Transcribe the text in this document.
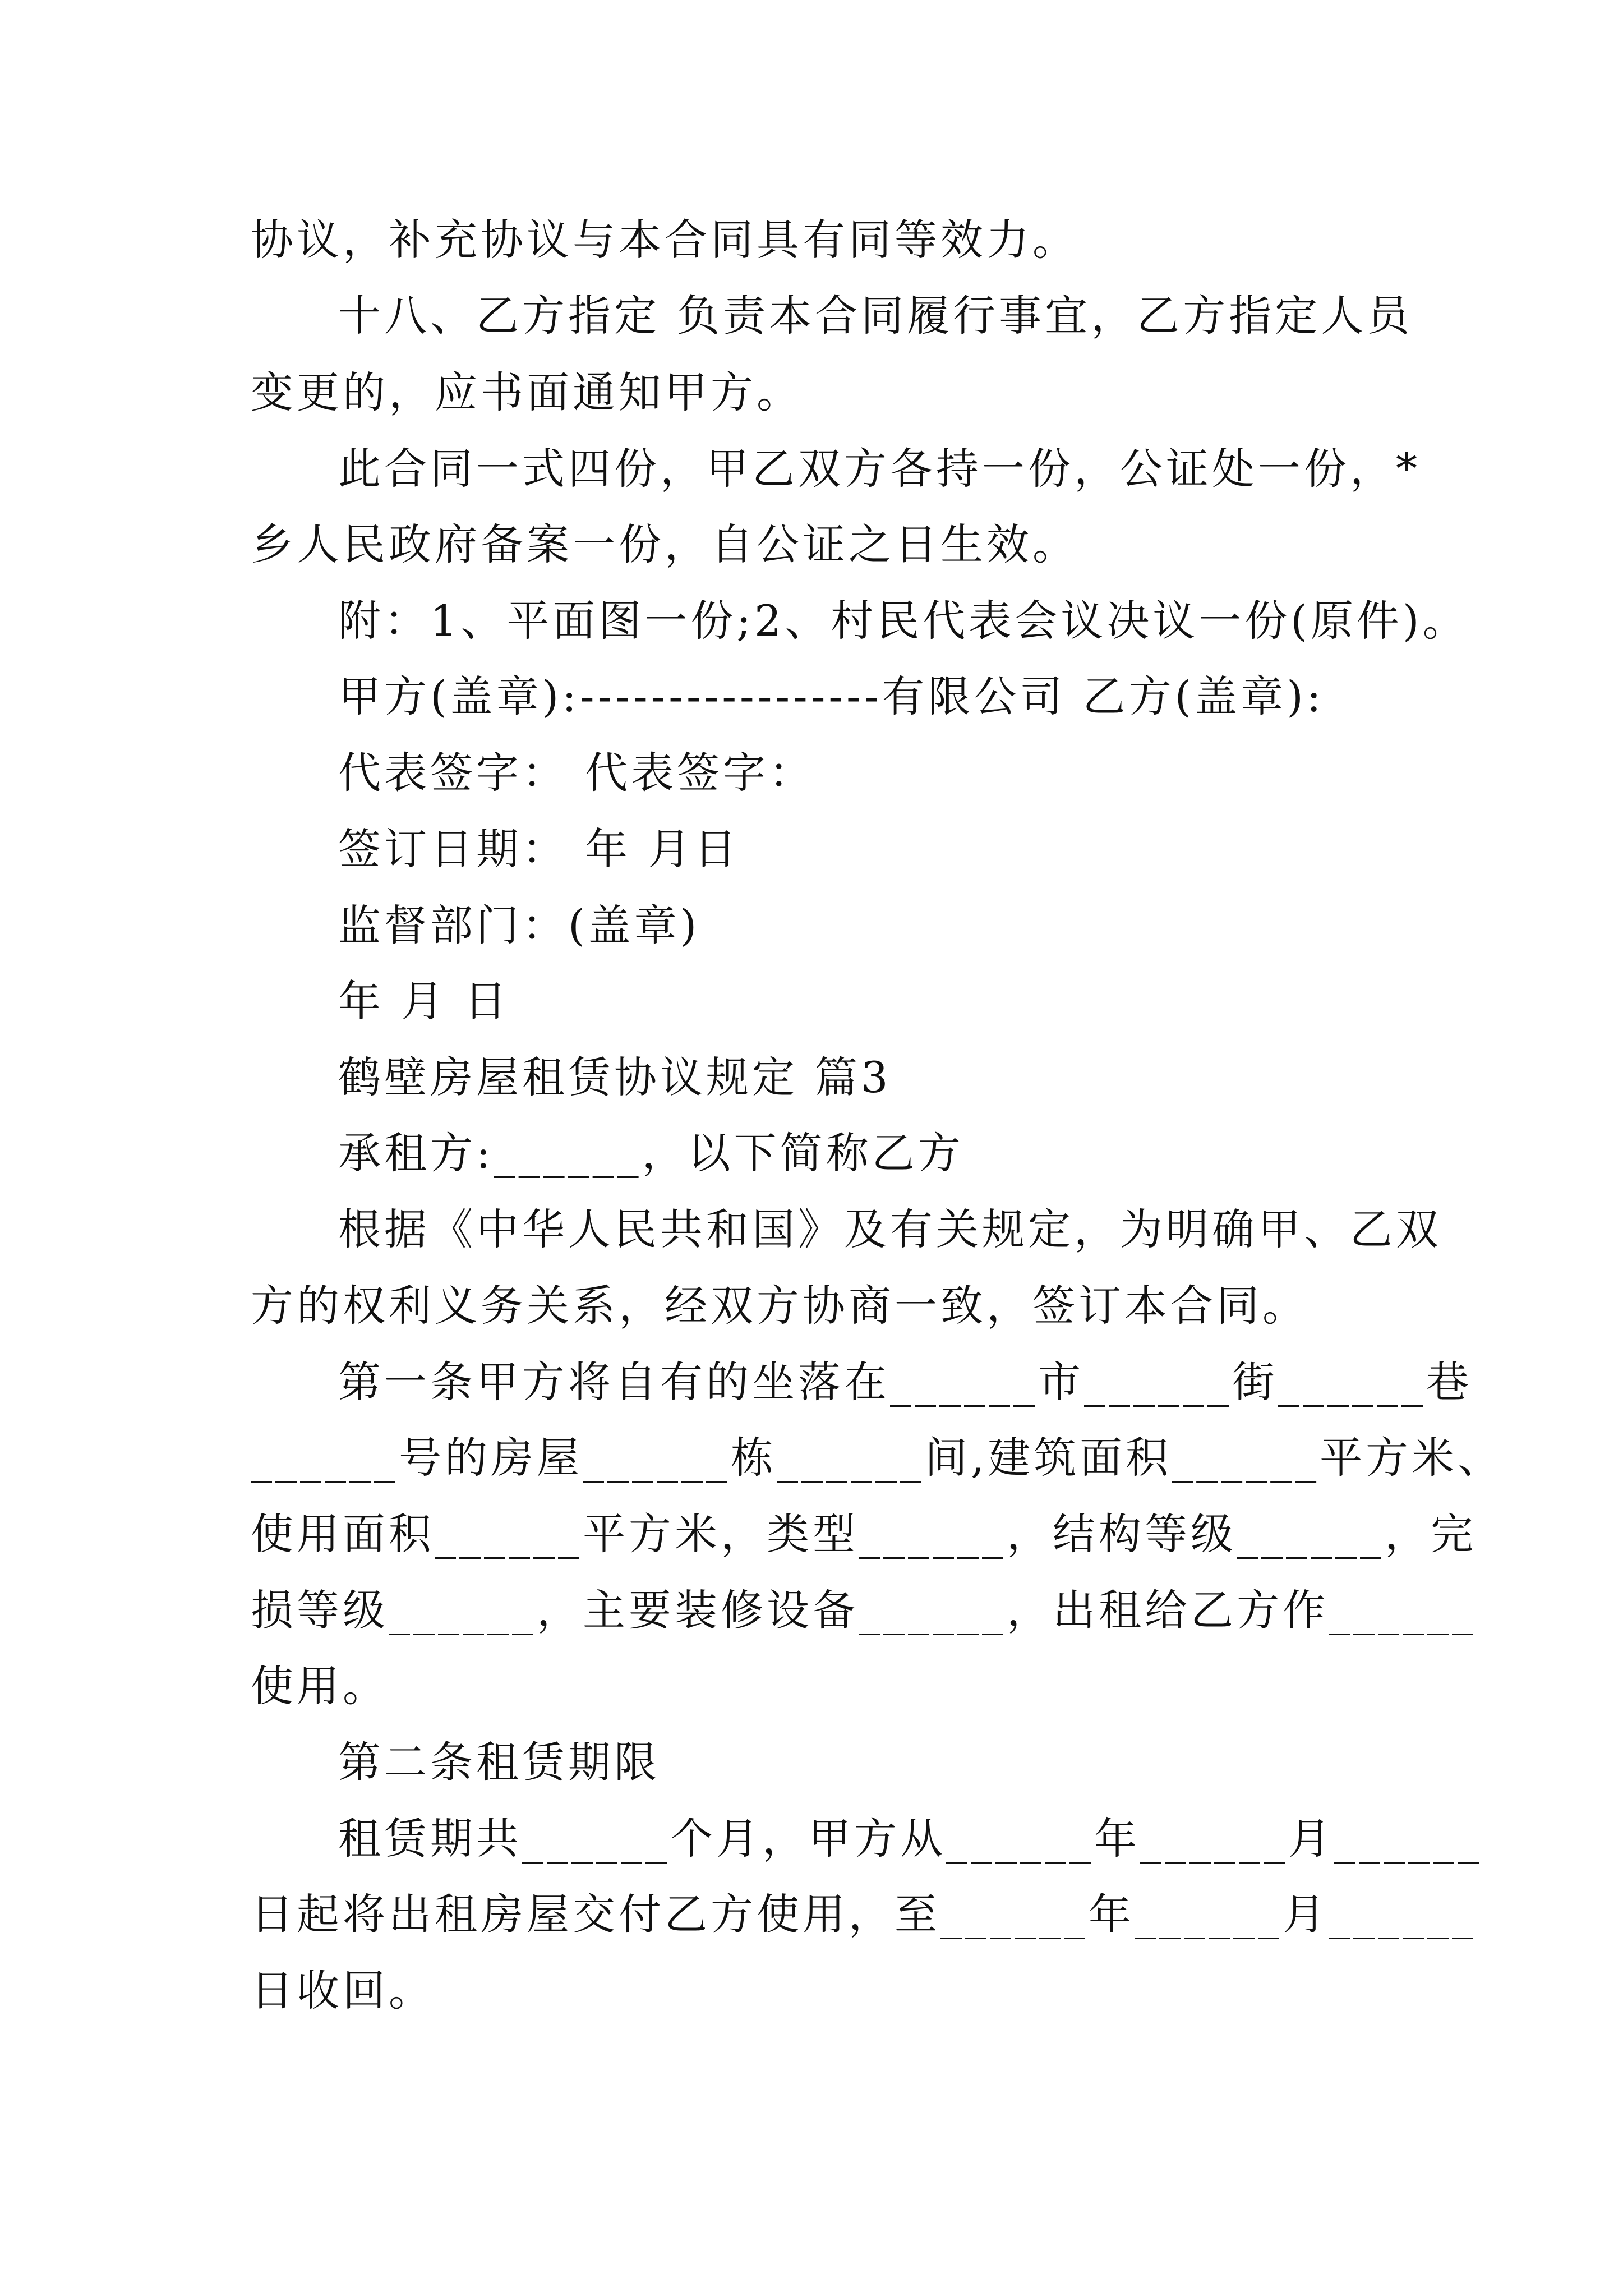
协议，补充协议与本合同具有同等效力。
十八、乙方指定 负责本合同履行事宜，乙方指定人员
变更的，应书面通知甲方。
此合同一式四份，甲乙双方各持一份，公证处一份，*
乡人民政府备案一份，自公证之日生效。
附：1、平面图一份;2、村民代表会议决议一份(原件)。
甲方(盖章):-----------------有限公司 乙方(盖章):
代表签字： 代表签字：
签订日期： 年 月日
监督部门：(盖章)
年 月 日
鹤壁房屋租赁协议规定 篇3
承租方:______，以下简称乙方
根据《中华人民共和国》及有关规定，为明确甲、乙双
方的权利义务关系，经双方协商一致，签订本合同。
第一条甲方将自有的坐落在______市______街______巷
______号的房屋______栋______间,建筑面积______平方米、
使用面积______平方米，类型______，结构等级______，完
损等级______，主要装修设备______，出租给乙方作______
使用。
第二条租赁期限
租赁期共______个月，甲方从______年______月______
日起将出租房屋交付乙方使用，至______年______月______
日收回。
